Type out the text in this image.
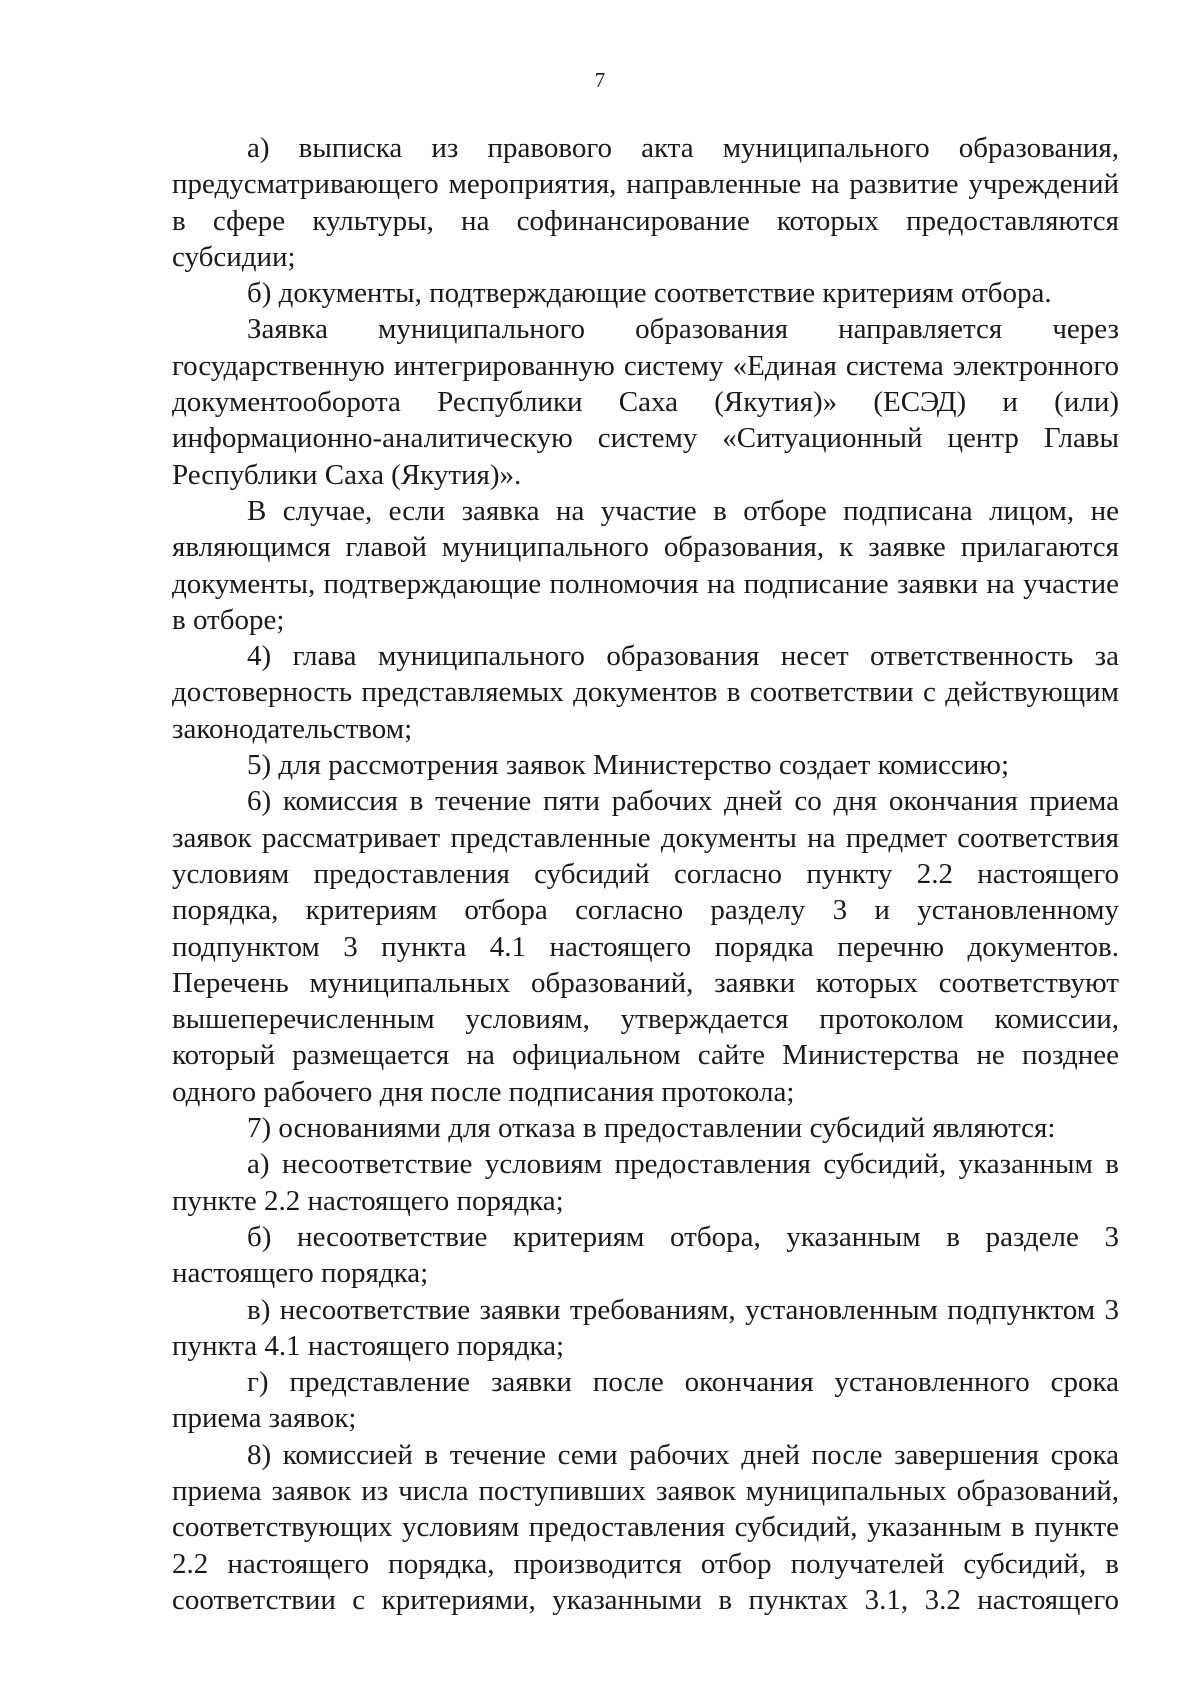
7

а) выписка из правового акта муниципального образования, предусматривающего мероприятия, направленные на развитие учреждений в сфере культуры, на софинансирование которых предоставляются субсидии;

б) документы, подтверждающие соответствие критериям отбора.

Заявка муниципального образования направляется через государственную интегрированную систему «Единая система электронного документооборота Республики Саха (Якутия)» (ЕСЭД) и (или) информационно-аналитическую систему «Ситуационный центр Главы Республики Саха (Якутия)».

В случае, если заявка на участие в отборе подписана лицом, не являющимся главой муниципального образования, к заявке прилагаются документы, подтверждающие полномочия на подписание заявки на участие в отборе;

4) глава муниципального образования несет ответственность за достоверность представляемых документов в соответствии с действующим законодательством;

5) для рассмотрения заявок Министерство создает комиссию;

6) комиссия в течение пяти рабочих дней со дня окончания приема заявок рассматривает представленные документы на предмет соответствия условиям предоставления субсидий согласно пункту 2.2 настоящего порядка, критериям отбора согласно разделу 3 и установленному подпунктом 3 пункта 4.1 настоящего порядка перечню документов. Перечень муниципальных образований, заявки которых соответствуют вышеперечисленным условиям, утверждается протоколом комиссии, который размещается на официальном сайте Министерства не позднее одного рабочего дня после подписания протокола;

7) основаниями для отказа в предоставлении субсидий являются:

а) несоответствие условиям предоставления субсидий, указанным в пункте 2.2 настоящего порядка;

б) несоответствие критериям отбора, указанным в разделе 3 настоящего порядка;

в) несоответствие заявки требованиям, установленным подпунктом 3 пункта 4.1 настоящего порядка;

г) представление заявки после окончания установленного срока приема заявок;

8) комиссией в течение семи рабочих дней после завершения срока приема заявок из числа поступивших заявок муниципальных образований, соответствующих условиям предоставления субсидий, указанным в пункте 2.2 настоящего порядка, производится отбор получателей субсидий, в соответствии с критериями, указанными в пунктах 3.1, 3.2 настоящего
